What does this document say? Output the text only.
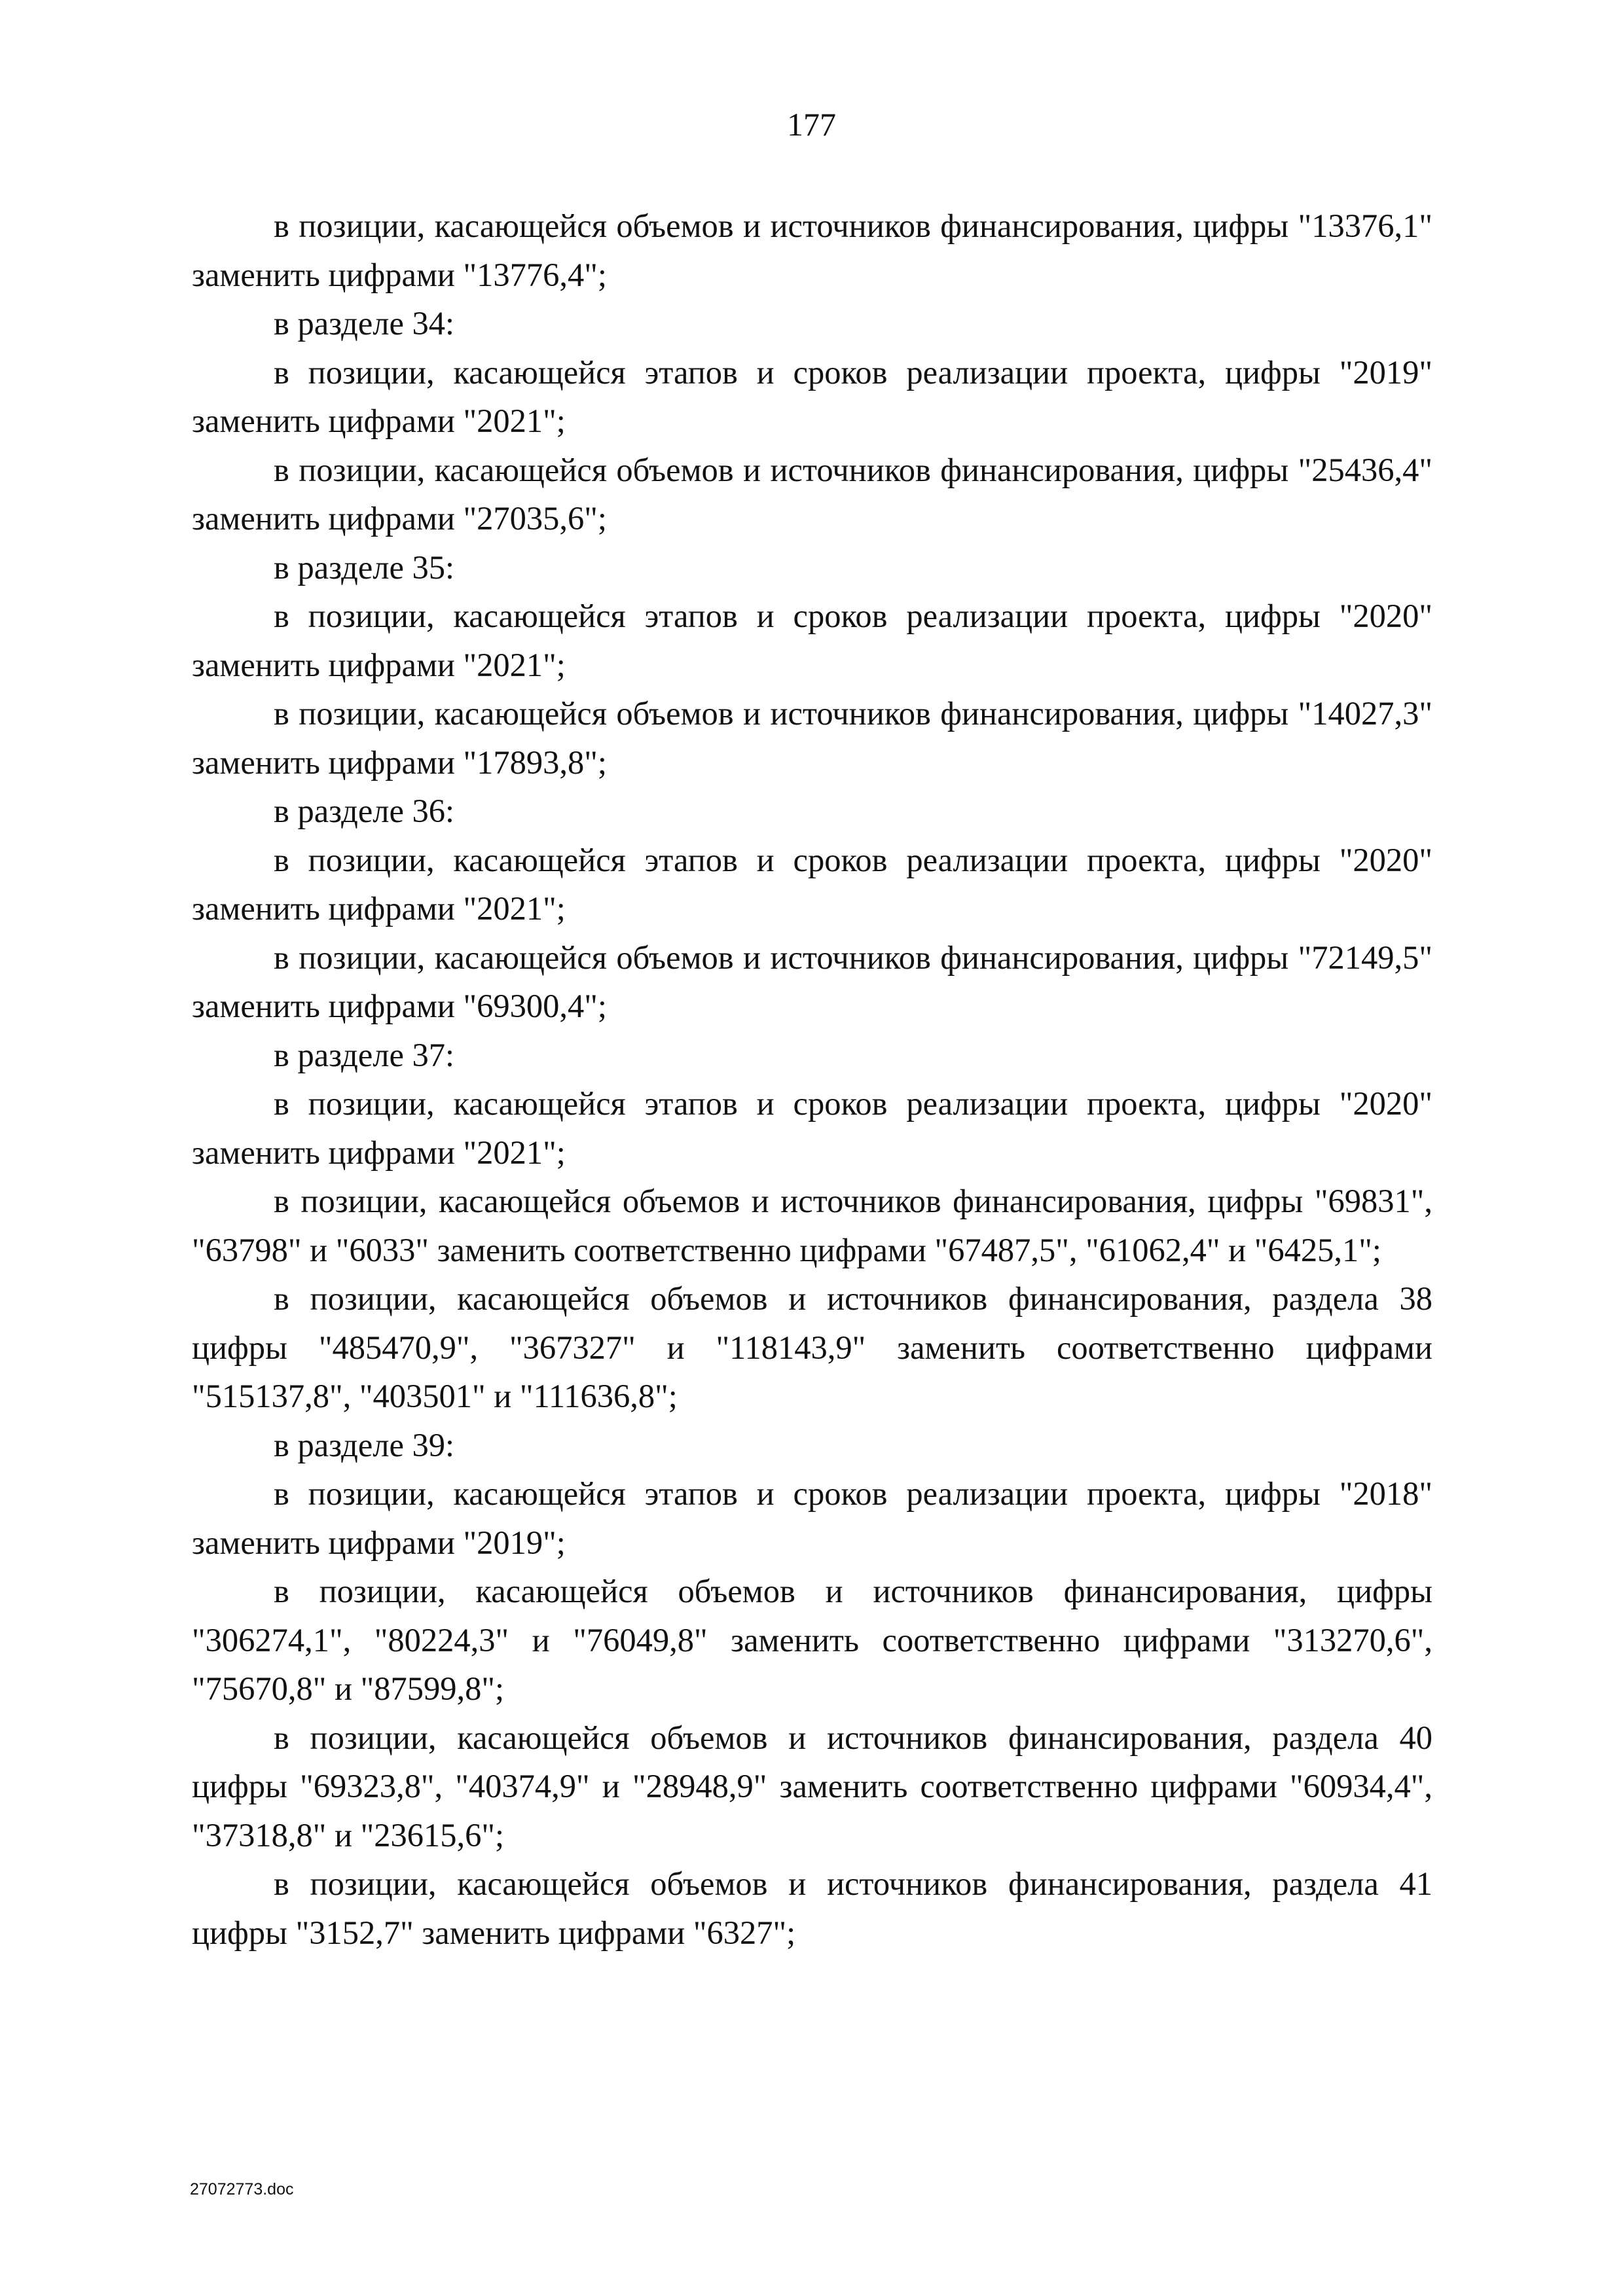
177

в позиции, касающейся объемов и источников финансирования, цифры "13376,1" заменить цифрами "13776,4";

в разделе 34:

в позиции, касающейся этапов и сроков реализации проекта, цифры "2019" заменить цифрами "2021";

в позиции, касающейся объемов и источников финансирования, цифры "25436,4" заменить цифрами "27035,6";

в разделе 35:

в позиции, касающейся этапов и сроков реализации проекта, цифры "2020" заменить цифрами "2021";

в позиции, касающейся объемов и источников финансирования, цифры "14027,3" заменить цифрами "17893,8";

в разделе 36:

в позиции, касающейся этапов и сроков реализации проекта, цифры "2020" заменить цифрами "2021";

в позиции, касающейся объемов и источников финансирования, цифры "72149,5" заменить цифрами "69300,4";

в разделе 37:

в позиции, касающейся этапов и сроков реализации проекта, цифры "2020" заменить цифрами "2021";

в позиции, касающейся объемов и источников финансирования, цифры "69831", "63798" и "6033" заменить соответственно цифрами "67487,5", "61062,4" и "6425,1";

в позиции, касающейся объемов и источников финансирования, раздела 38 цифры "485470,9", "367327" и "118143,9" заменить соответственно цифрами "515137,8", "403501" и "111636,8";

в разделе 39:

в позиции, касающейся этапов и сроков реализации проекта, цифры "2018" заменить цифрами "2019";

в позиции, касающейся объемов и источников финансирования, цифры "306274,1", "80224,3" и "76049,8" заменить соответственно цифрами "313270,6", "75670,8" и "87599,8";

в позиции, касающейся объемов и источников финансирования, раздела 40 цифры "69323,8", "40374,9" и "28948,9" заменить соответственно цифрами "60934,4", "37318,8" и "23615,6";

в позиции, касающейся объемов и источников финансирования, раздела 41 цифры "3152,7" заменить цифрами "6327";

27072773.doc
